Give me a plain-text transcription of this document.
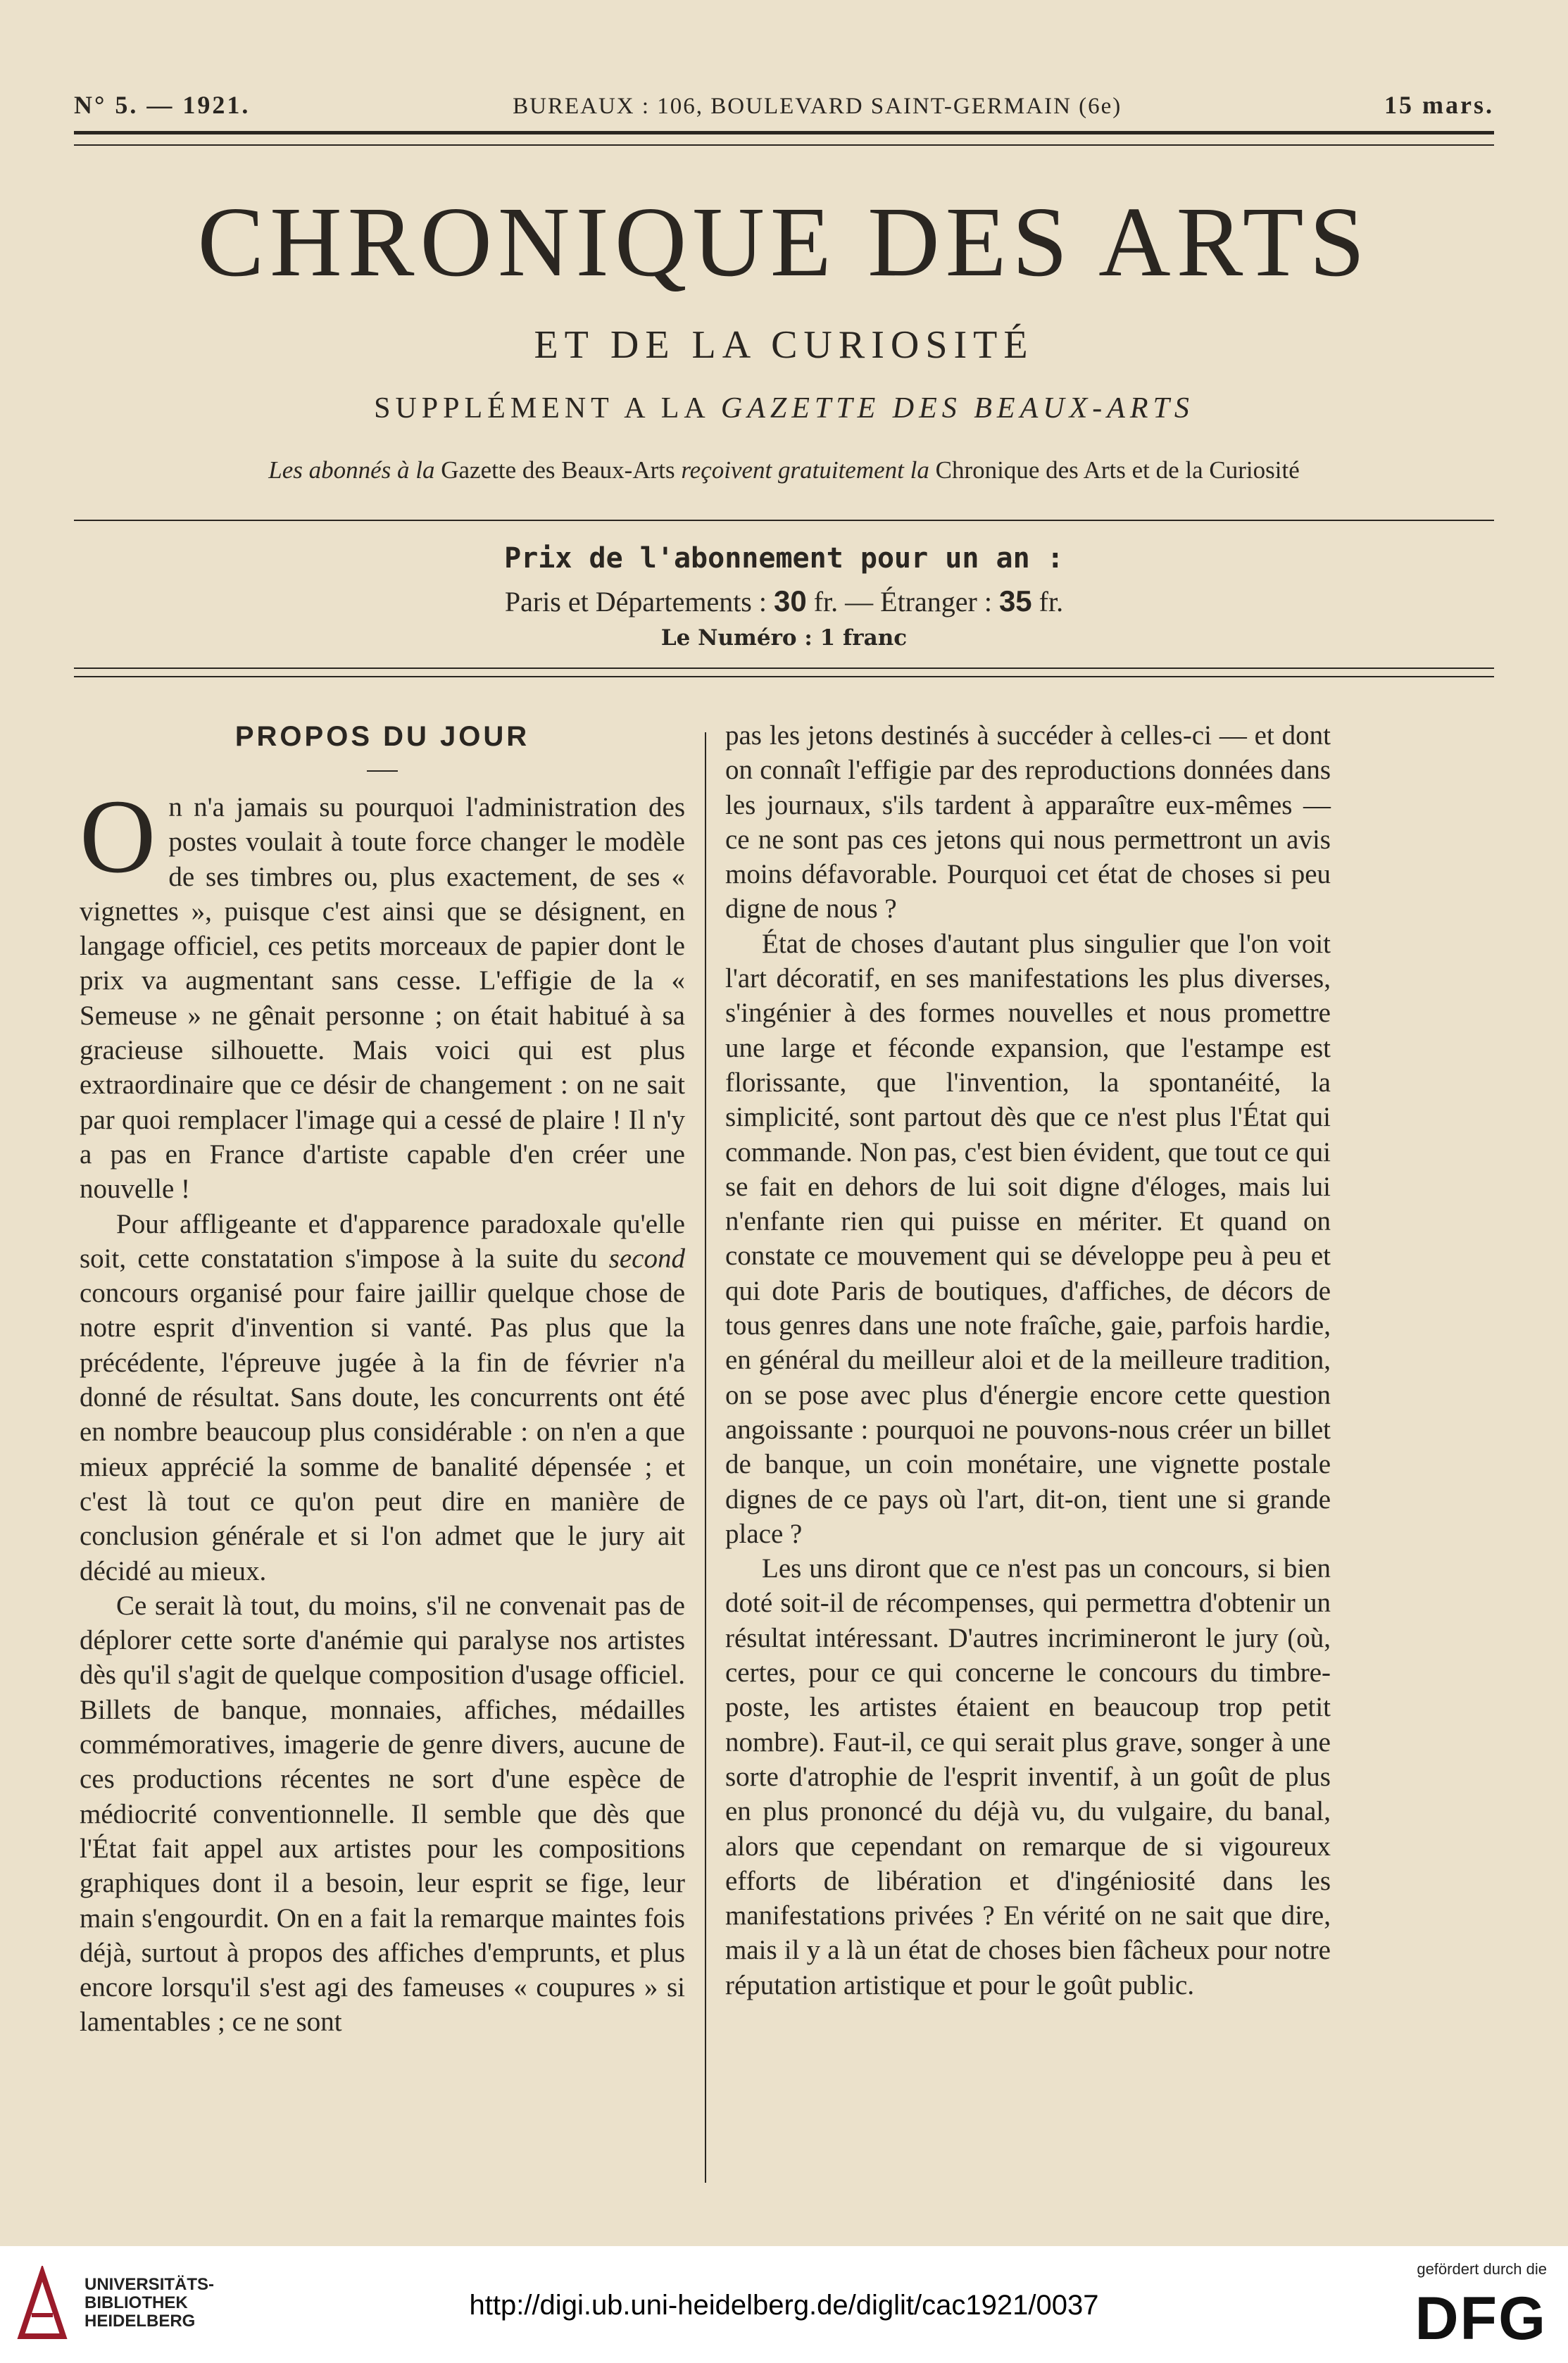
N° 5. — 1921.	BUREAUX : 106, BOULEVARD SAINT-GERMAIN (6e)	15 mars.
CHRONIQUE DES ARTS
ET DE LA CURIOSITÉ
SUPPLÉMENT A LA GAZETTE DES BEAUX-ARTS
Les abonnés à la Gazette des Beaux-Arts reçoivent gratuitement la Chronique des Arts et de la Curiosité
Prix de l'abonnement pour un an :
Paris et Départements : 30 fr. — Étranger : 35 fr.
Le Numéro : 1 franc
PROPOS DU JOUR

On n'a jamais su pourquoi l'administration des postes voulait à toute force changer le modèle de ses timbres ou, plus exactement, de ses « vignettes », puisque c'est ainsi que se désignent, en langage officiel, ces petits morceaux de papier dont le prix va augmentant sans cesse. L'effigie de la « Semeuse » ne gênait personne ; on était habitué à sa gracieuse silhouette. Mais voici qui est plus extraordinaire que ce désir de changement : on ne sait par quoi remplacer l'image qui a cessé de plaire ! Il n'y a pas en France d'artiste capable d'en créer une nouvelle !

Pour affligeante et d'apparence paradoxale qu'elle soit, cette constatation s'impose à la suite du second concours organisé pour faire jaillir quelque chose de notre esprit d'invention si vanté. Pas plus que la précédente, l'épreuve jugée à la fin de février n'a donné de résultat. Sans doute, les concurrents ont été en nombre beaucoup plus considérable : on n'en a que mieux apprécié la somme de banalité dépensée ; et c'est là tout ce qu'on peut dire en manière de conclusion générale et si l'on admet que le jury ait décidé au mieux.

Ce serait là tout, du moins, s'il ne convenait pas de déplorer cette sorte d'anémie qui paralyse nos artistes dès qu'il s'agit de quelque composition d'usage officiel. Billets de banque, monnaies, affiches, médailles commémoratives, imagerie de genre divers, aucune de ces productions récentes ne sort d'une espèce de médiocrité conventionnelle. Il semble que dès que l'État fait appel aux artistes pour les compositions graphiques dont il a besoin, leur esprit se fige, leur main s'engourdit. On en a fait la remarque maintes fois déjà, surtout à propos des affiches d'emprunts, et plus encore lorsqu'il s'est agi des fameuses « coupures » si lamentables ; ce ne sont

pas les jetons destinés à succéder à celles-ci — et dont on connaît l'effigie par des reproductions données dans les journaux, s'ils tardent à apparaître eux-mêmes — ce ne sont pas ces jetons qui nous permettront un avis moins défavorable. Pourquoi cet état de choses si peu digne de nous ?

État de choses d'autant plus singulier que l'on voit l'art décoratif, en ses manifestations les plus diverses, s'ingénier à des formes nouvelles et nous promettre une large et féconde expansion, que l'estampe est florissante, que l'invention, la spontanéité, la simplicité, sont partout dès que ce n'est plus l'État qui commande. Non pas, c'est bien évident, que tout ce qui se fait en dehors de lui soit digne d'éloges, mais lui n'enfante rien qui puisse en mériter. Et quand on constate ce mouvement qui se développe peu à peu et qui dote Paris de boutiques, d'affiches, de décors de tous genres dans une note fraîche, gaie, parfois hardie, en général du meilleur aloi et de la meilleure tradition, on se pose avec plus d'énergie encore cette question angoissante : pourquoi ne pouvons-nous créer un billet de banque, un coin monétaire, une vignette postale dignes de ce pays où l'art, dit-on, tient une si grande place ?

Les uns diront que ce n'est pas un concours, si bien doté soit-il de récompenses, qui permettra d'obtenir un résultat intéressant. D'autres incrimineront le jury (où, certes, pour ce qui concerne le concours du timbre-poste, les artistes étaient en beaucoup trop petit nombre). Faut-il, ce qui serait plus grave, songer à une sorte d'atrophie de l'esprit inventif, à un goût de plus en plus prononcé du déjà vu, du vulgaire, du banal, alors que cependant on remarque de si vigoureux efforts de libération et d'ingéniosité dans les manifestations privées ? En vérité on ne sait que dire, mais il y a là un état de choses bien fâcheux pour notre réputation artistique et pour le goût public.

UNIVERSITÄTS-
BIBLIOTHEK
HEIDELBERG
http://digi.ub.uni-heidelberg.de/diglit/cac1921/0037
gefördert durch die
DFG
